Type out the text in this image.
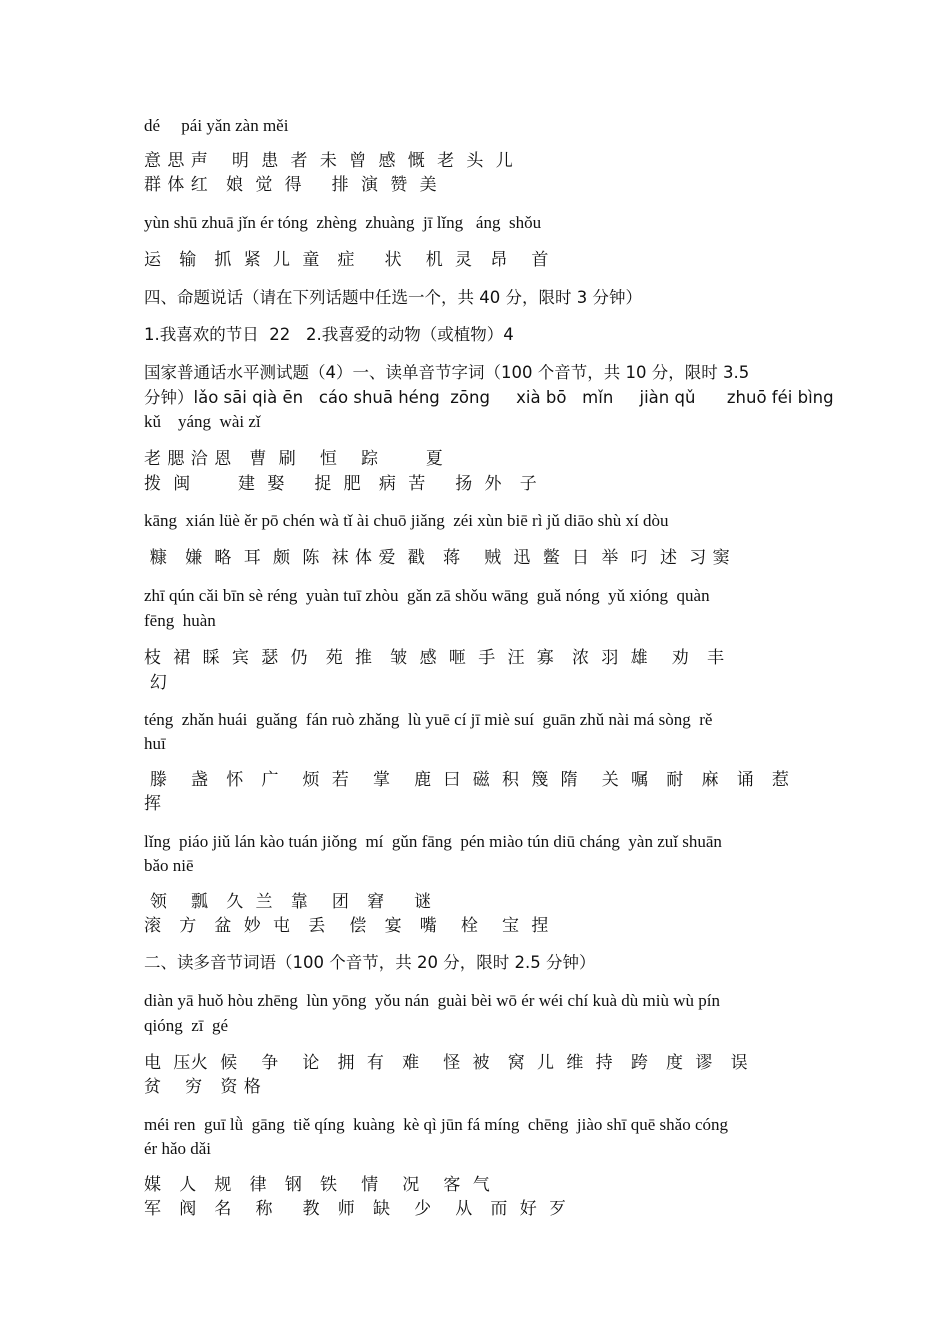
dé     pái yǎn zàn měi
意 思 声    明  患  者  未  曾  感  慨  老  头  儿
群 体 红   娘  觉  得     排  演  赞  美
yùn shū zhuā jǐn ér tóng  zhèng  zhuàng  jī lǐng   áng  shǒu
运   输   抓  紧  儿  童   症     状    机  灵   昂    首
四、命题说话（请在下列话题中任选一个，共 40 分，限时 3 分钟）
1.我喜欢的节日  22   2.我喜爱的动物（或植物）4
国家普通话水平测试题（4）一、读单音节字词（100 个音节，共 10 分，限时 3.5
分钟）lǎo sāi qià ēn   cáo shuā héng  zōng     xià bō   mǐn     jiàn qǔ      zhuō féi bìng
kǔ    yáng  wài zǐ
老 腮 洽 恩   曹  刷    恒    踪        夏
拨  闽        建  娶     捉  肥   病  苦     扬  外   子
kāng  xián lüè ěr pō chén wà tǐ ài chuō jiǎng  zéi xùn biē rì jǔ diāo shù xí dòu
糠   嫌  略  耳  颇  陈  袜 体 爱  戳   蒋    贼  迅  鳖  日  举  叼  述  习 窦
zhī qún cǎi bīn sè réng  yuàn tuī zhòu  gǎn zā shǒu wāng  guǎ nóng  yǔ xióng  quàn
fēng  huàn
枝  裙  睬  宾  瑟  仍   苑  推   皱  感  咂  手  汪  寡   浓  羽  雄    劝   丰
幻
téng  zhǎn huái  guǎng  fán ruò zhǎng  lù yuē cí jī miè suí  guān zhǔ nài má sòng  rě
huī
滕    盏   怀   广    烦  若    掌    鹿  曰  磁  积  篾  隋    关  嘱   耐   麻   诵   惹
挥
lǐng  piáo jiǔ lán kào tuán jiǒng  mí  gǔn fāng  pén miào tún diū cháng  yàn zuǐ shuān
bǎo niē
领    瓢   久  兰   靠    团   窘     谜
滚   方   盆  妙  屯   丢    偿   宴   嘴    栓    宝  捏
二、读多音节词语（100 个音节，共 20 分，限时 2.5 分钟）
diàn yā huǒ hòu zhēng  lùn yōng  yǒu nán  guài bèi wō ér wéi chí kuà dù miù wù pín
qióng  zī  gé
电  压火  候    争    论   拥  有   难    怪  被   窝  儿  维  持   跨   度  谬   误
贫    穷   资 格
méi ren  guī lǜ  gāng  tiě qíng  kuàng  kè qì jūn fá míng  chēng  jiào shī quē shǎo cóng
ér hǎo dǎi
媒   人   规   律   钢   铁    情    况    客  气
军   阀   名    称     教   师   缺    少    从   而  好  歹
